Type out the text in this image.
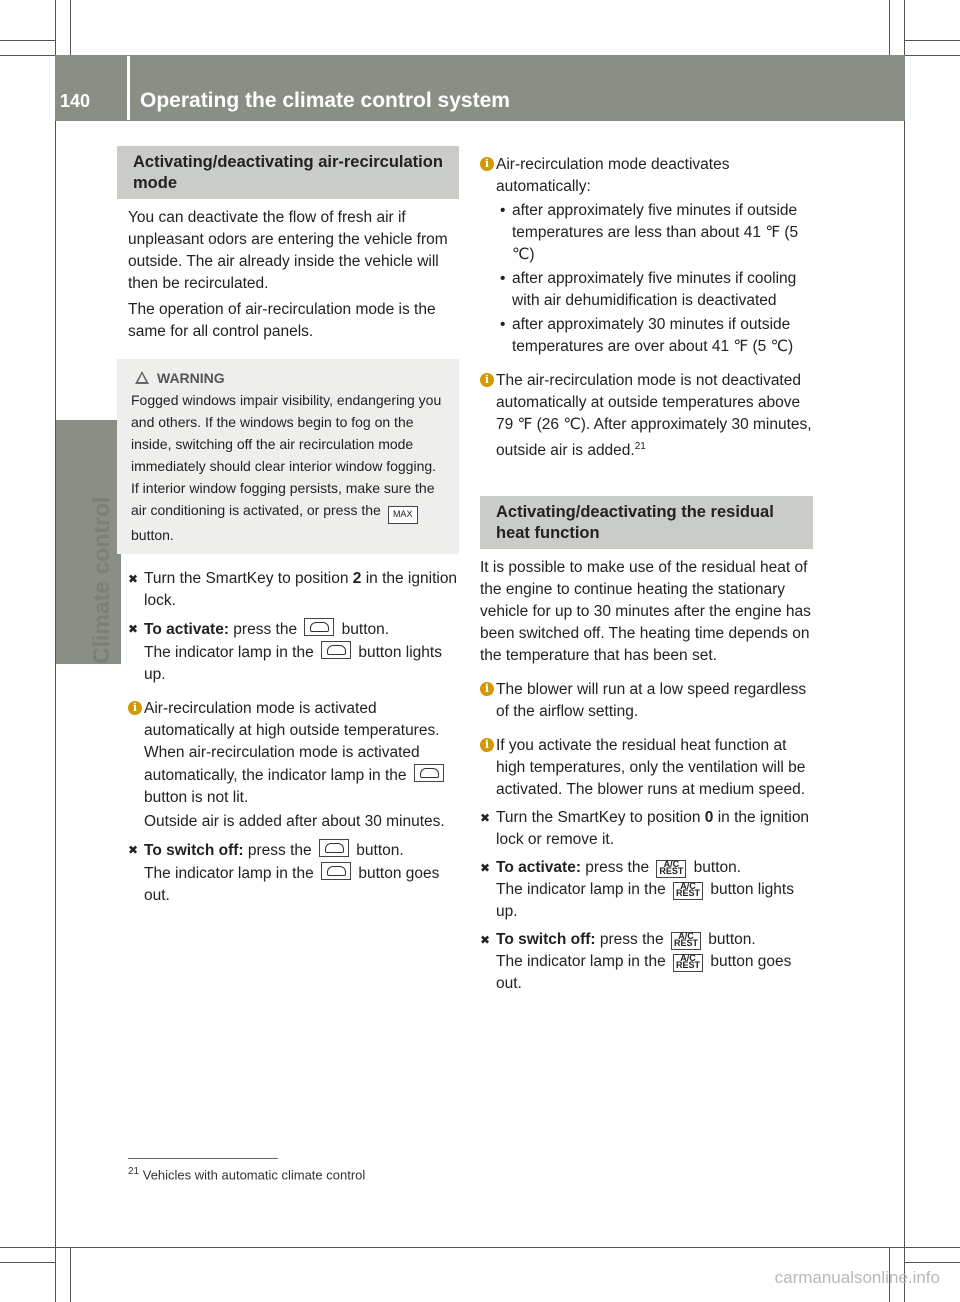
140 Operating the climate control system
Climate control
Activating/deactivating air-recirculation mode

You can deactivate the flow of fresh air if unpleasant odors are entering the vehicle from outside. The air already inside the vehicle will then be recirculated.

The operation of air-recirculation mode is the same for all control panels.

WARNING
Fogged windows impair visibility, endangering you and others. If the windows begin to fog on the inside, switching off the air recirculation mode immediately should clear interior window fogging. If interior window fogging persists, make sure the air conditioning is activated, or press the MAX button.
✖ Turn the SmartKey to position 2 in the ignition lock.
✖ To activate: press the  button.
The indicator lamp in the  button lights up.
i Air-recirculation mode is activated automatically at high outside temperatures. When air-recirculation mode is activated automatically, the indicator lamp in the  button is not lit.

Outside air is added after about 30 minutes.

✖ To switch off: press the  button.
The indicator lamp in the  button goes out.
i Air-recirculation mode deactivates automatically:

• after approximately five minutes if outside temperatures are less than about 41 ℉ (5 ℃)
• after approximately five minutes if cooling with air dehumidification is deactivated
• after approximately 30 minutes if outside temperatures are over about 41 ℉ (5 ℃)
i The air-recirculation mode is not deactivated automatically at outside temperatures above 79 ℉ (26 ℃). After approximately 30 minutes, outside air is added.$^{21}$

Activating/deactivating the residual heat function

It is possible to make use of the residual heat of the engine to continue heating the stationary vehicle for up to 30 minutes after the engine has been switched off. The heating time depends on the temperature that has been set.

i The blower will run at a low speed regardless of the airflow setting.

i If you activate the residual heat function at high temperatures, only the ventilation will be activated. The blower runs at medium speed.

✖ Turn the SmartKey to position 0 in the ignition lock or remove it.
✖ To activate: press the A/C REST button.
The indicator lamp in the A/C REST button lights up.
✖ To switch off: press the A/C REST button.
The indicator lamp in the A/C REST button goes out.
$^{21}$ Vehicles with automatic climate control
carmanualsonline.info
